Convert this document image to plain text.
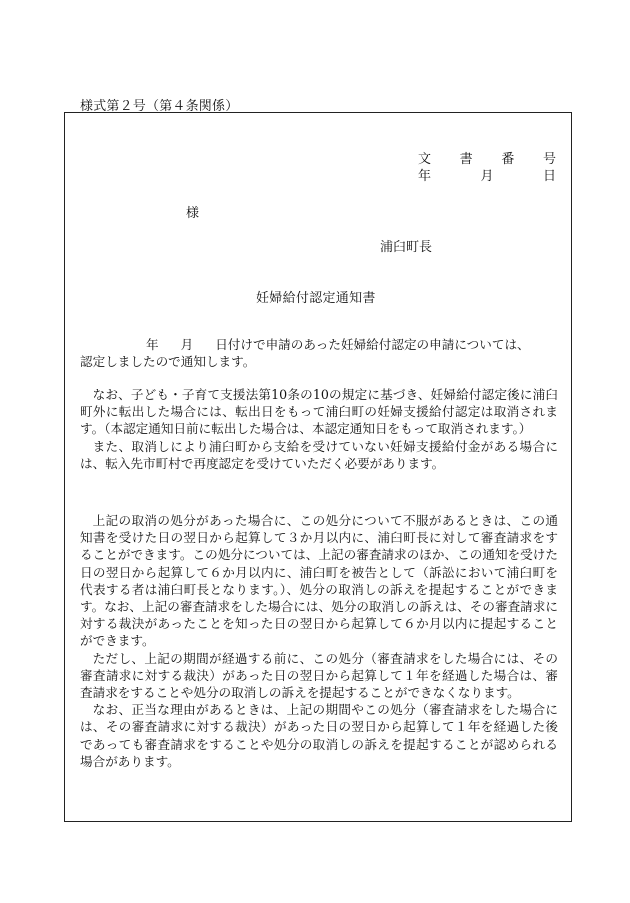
様式第２号（第４条関係）
文 書 番 号
年	月	日
様
浦臼町長
妊婦給付認定通知書
年 月 日付けで申請のあった妊婦給付認定の申請については、
認定しましたので通知します。
なお、子ども・子育て支援法第10条の10の規定に基づき、妊婦給付認定後に浦臼町外に転出した場合には、転出日をもって浦臼町の妊婦支援給付認定は取消されます。（本認定通知日前に転出した場合は、本認定通知日をもって取消されます。）
また、取消しにより浦臼町から支給を受けていない妊婦支援給付金がある場合には、転入先市町村で再度認定を受けていただく必要があります。
上記の取消の処分があった場合に、この処分について不服があるときは、この通知書を受けた日の翌日から起算して３か月以内に、浦臼町長に対して審査請求をすることができます。この処分については、上記の審査請求のほか、この通知を受けた日の翌日から起算して６か月以内に、浦臼町を被告として（訴訟において浦臼町を代表する者は浦臼町長となります。）、処分の取消しの訴えを提起することができます。なお、上記の審査請求をした場合には、処分の取消しの訴えは、その審査請求に対する裁決があったことを知った日の翌日から起算して６か月以内に提起することができます。
ただし、上記の期間が経過する前に、この処分（審査請求をした場合には、その審査請求に対する裁決）があった日の翌日から起算して１年を経過した場合は、審査請求をすることや処分の取消しの訴えを提起することができなくなります。
なお、正当な理由があるときは、上記の期間やこの処分（審査請求をした場合には、その審査請求に対する裁決）があった日の翌日から起算して１年を経過した後であっても審査請求をすることや処分の取消しの訴えを提起することが認められる場合があります。
